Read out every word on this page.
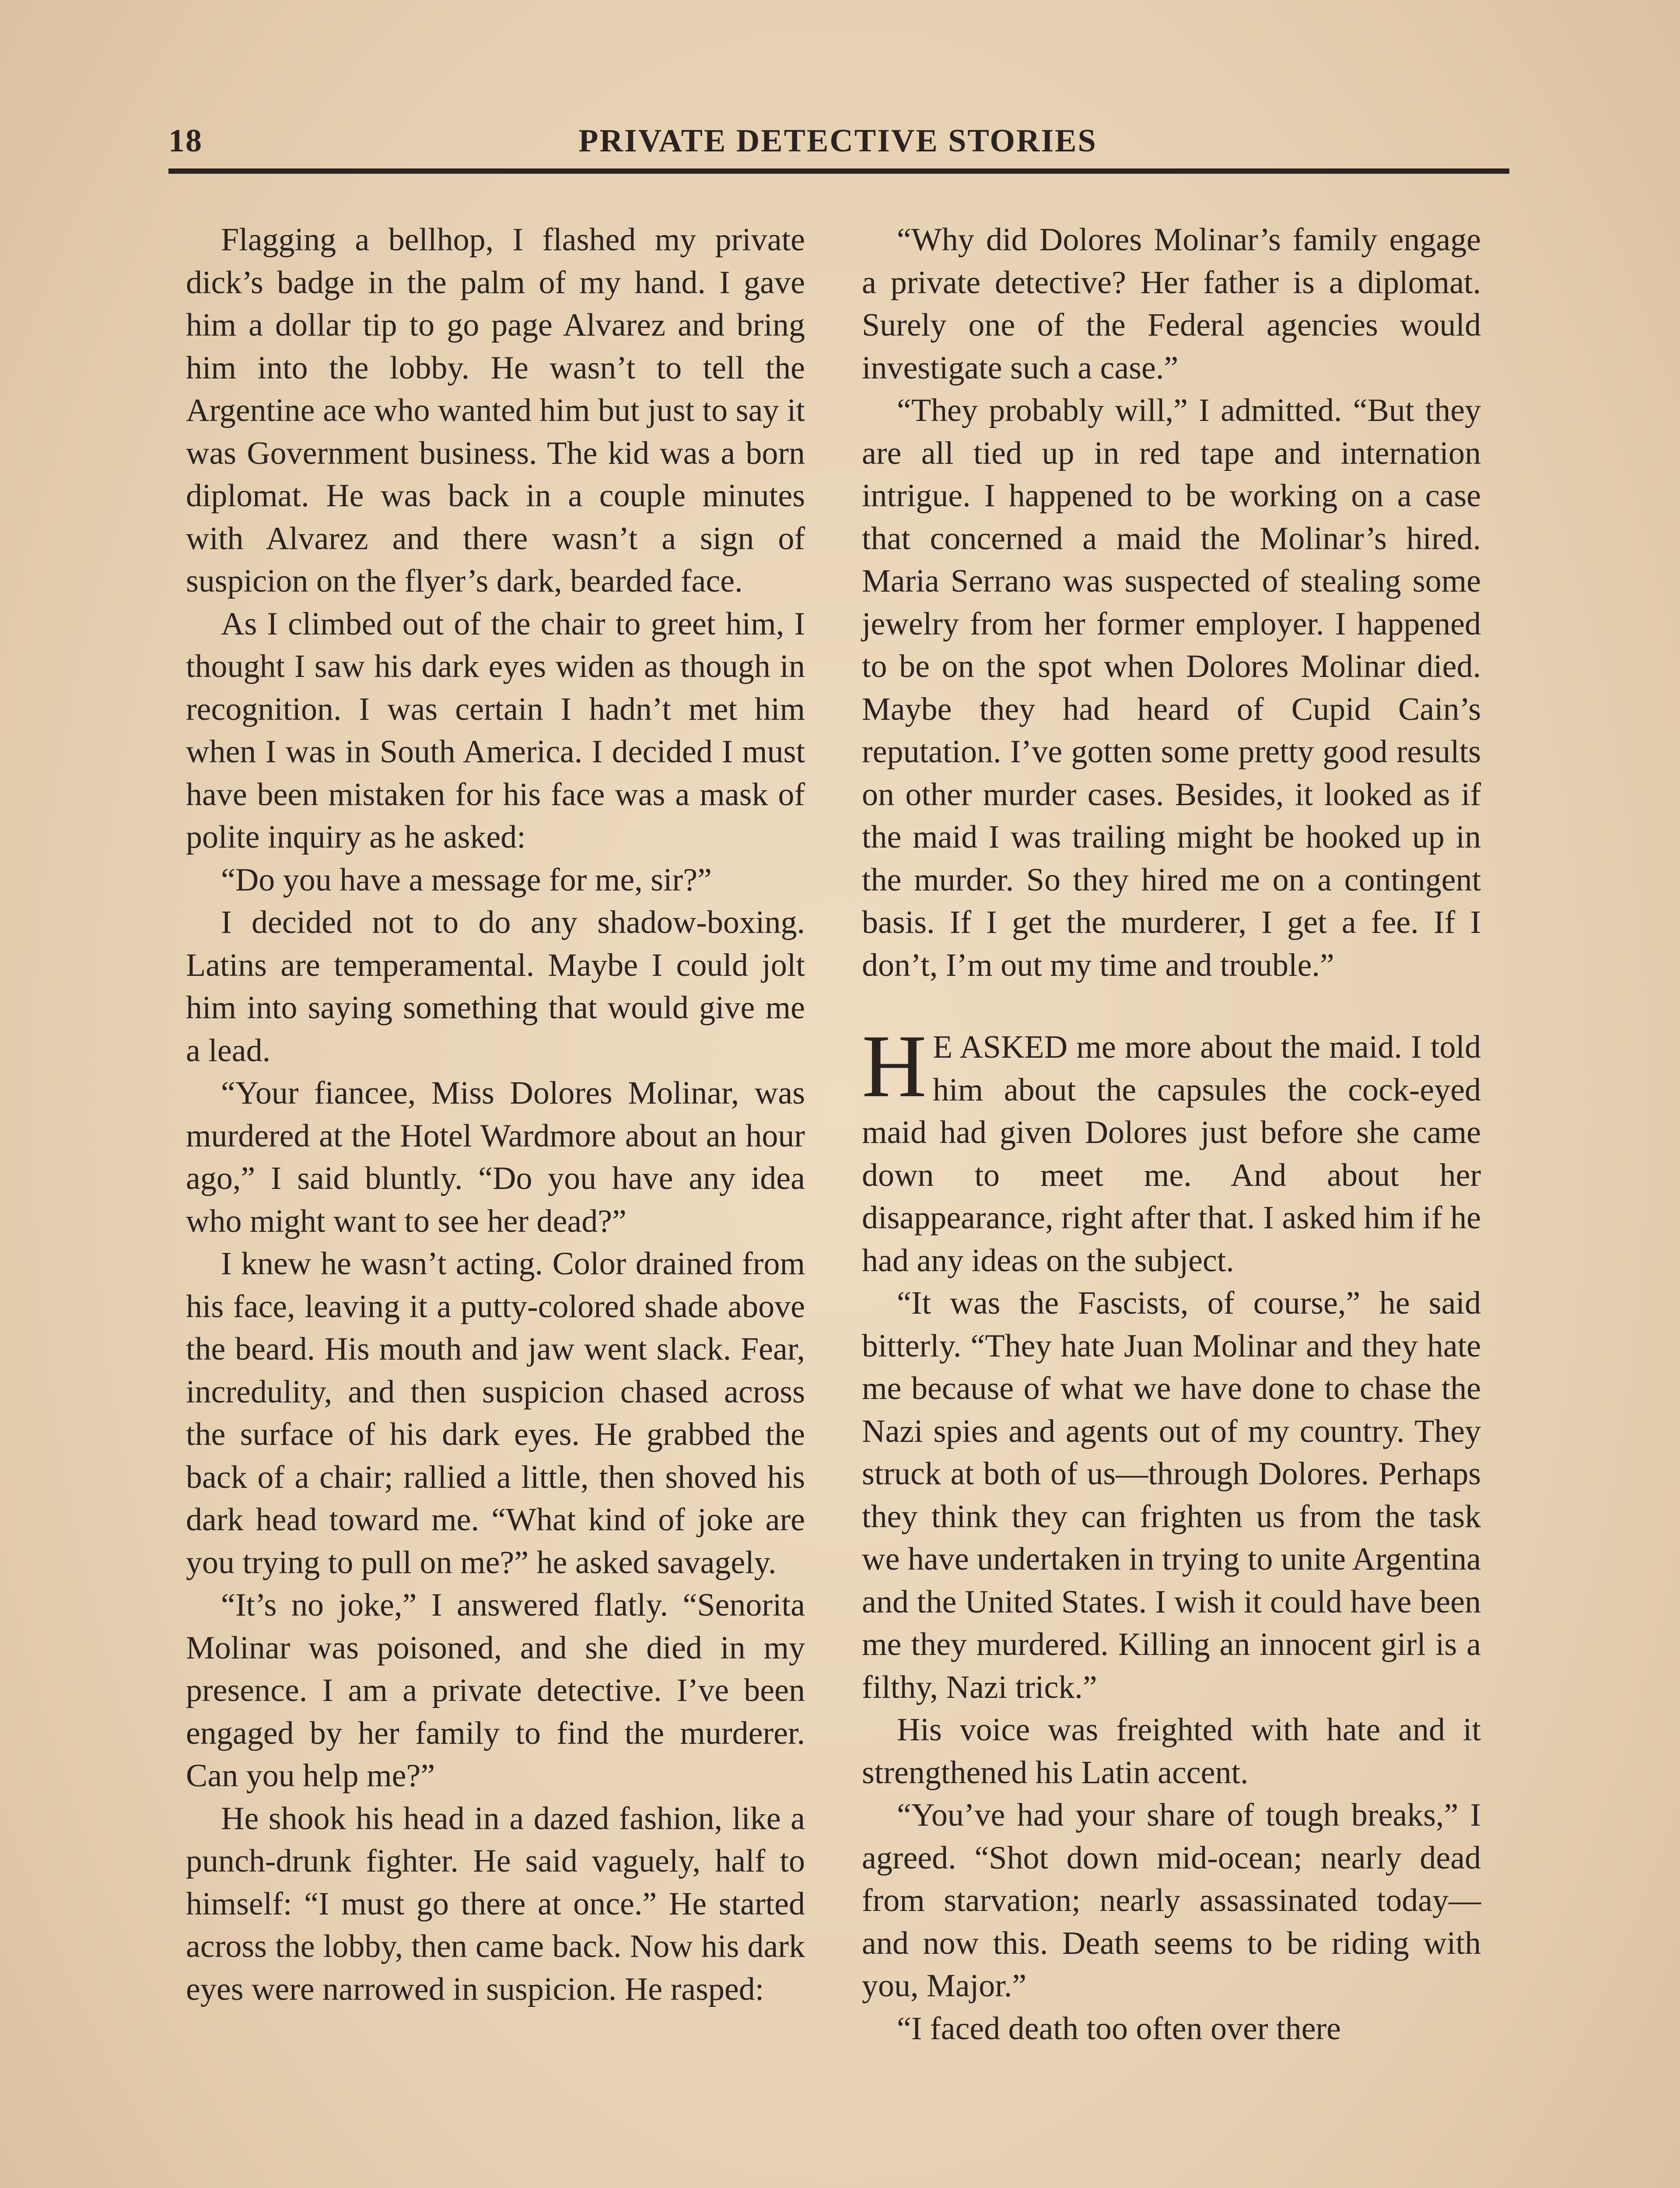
18	PRIVATE DETECTIVE STORIES

Flagging a bellhop, I flashed my private dick’s badge in the palm of my hand. I gave him a dollar tip to go page Alvarez and bring him into the lobby. He wasn’t to tell the Argentine ace who wanted him but just to say it was Government business. The kid was a born diplomat. He was back in a couple minutes with Alvarez and there wasn’t a sign of suspicion on the flyer’s dark, bearded face.

As I climbed out of the chair to greet him, I thought I saw his dark eyes widen as though in recognition. I was certain I hadn’t met him when I was in South America. I decided I must have been mistaken for his face was a mask of polite inquiry as he asked:

“Do you have a message for me, sir?”

I decided not to do any shadow-boxing. Latins are temperamental. Maybe I could jolt him into saying something that would give me a lead.

“Your fiancee, Miss Dolores Molinar, was murdered at the Hotel Wardmore about an hour ago,” I said bluntly. “Do you have any idea who might want to see her dead?”

I knew he wasn’t acting. Color drained from his face, leaving it a putty-colored shade above the beard. His mouth and jaw went slack. Fear, incredulity, and then suspicion chased across the surface of his dark eyes. He grabbed the back of a chair; rallied a little, then shoved his dark head toward me. “What kind of joke are you trying to pull on me?” he asked savagely.

“It’s no joke,” I answered flatly. “Senorita Molinar was poisoned, and she died in my presence. I am a private detective. I’ve been engaged by her family to find the murderer. Can you help me?”

He shook his head in a dazed fashion, like a punch-drunk fighter. He said vaguely, half to himself: “I must go there at once.” He started across the lobby, then came back. Now his dark eyes were narrowed in suspicion. He rasped:

“Why did Dolores Molinar’s family engage a private detective? Her father is a diplomat. Surely one of the Federal agencies would investigate such a case.”

“They probably will,” I admitted. “But they are all tied up in red tape and internation intrigue. I happened to be working on a case that concerned a maid the Molinar’s hired. Maria Serrano was suspected of stealing some jewelry from her former employer. I happened to be on the spot when Dolores Molinar died. Maybe they had heard of Cupid Cain’s reputation. I’ve gotten some pretty good results on other murder cases. Besides, it looked as if the maid I was trailing might be hooked up in the murder. So they hired me on a contingent basis. If I get the murderer, I get a fee. If I don’t, I’m out my time and trouble.”

H E ASKED me more about the maid. I told him about the capsules the cock-eyed maid had given Dolores just before she came down to meet me. And about her disappearance, right after that. I asked him if he had any ideas on the subject.

“It was the Fascists, of course,” he said bitterly. “They hate Juan Molinar and they hate me because of what we have done to chase the Nazi spies and agents out of my country. They struck at both of us—through Dolores. Perhaps they think they can frighten us from the task we have undertaken in trying to unite Argentina and the United States. I wish it could have been me they murdered. Killing an innocent girl is a filthy, Nazi trick.”

His voice was freighted with hate and it strengthened his Latin accent.

“You’ve had your share of tough breaks,” I agreed. “Shot down mid-ocean; nearly dead from starvation; nearly assassinated today—and now this. Death seems to be riding with you, Major.”

“I faced death too often over there
